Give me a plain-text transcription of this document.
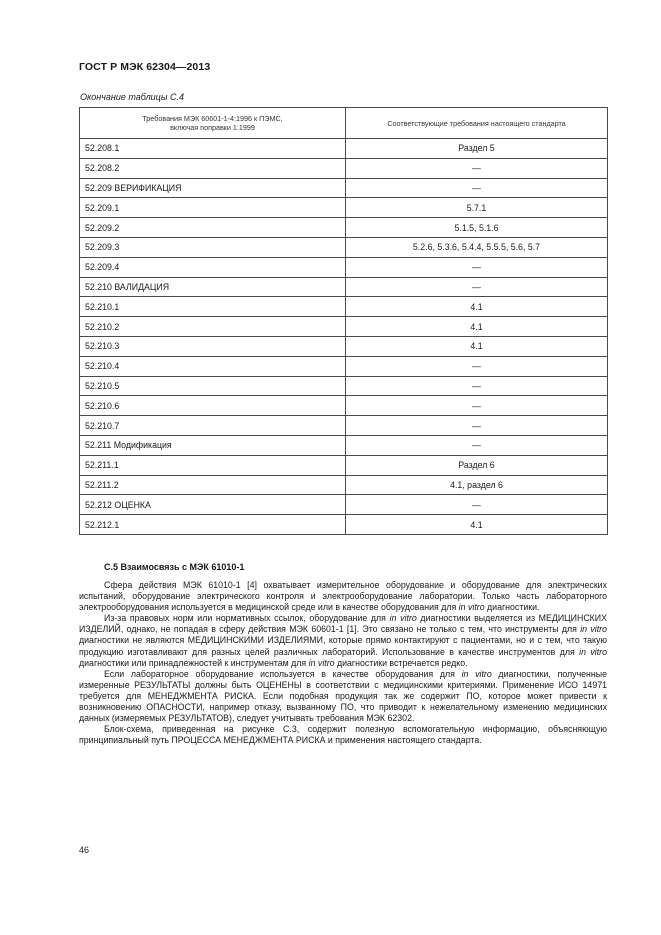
ГОСТ Р МЭК 62304—2013
Окончание таблицы С.4
Требования МЭК 60601-1-4:1996 к ПЭМС,
включая поправки 1:1999	Соответствующие требования настоящего стандарта
52.208.1	Раздел 5
52.208.2	—
52.209 ВЕРИФИКАЦИЯ	—
52.209.1	5.7.1
52.209.2	5.1.5, 5.1.6
52.209.3	5.2.6, 5.3.6, 5.4.4, 5.5.5, 5.6, 5.7
52.209.4	—
52.210 ВАЛИДАЦИЯ	—
52.210.1	4.1
52.210.2	4.1
52.210.3	4.1
52.210.4	—
52.210.5	—
52.210.6	—
52.210.7	—
52.211 Модификация	—
52.211.1	Раздел 6
52.211.2	4.1, раздел 6
52.212 ОЦЕНКА	—
52.212.1	4.1
С.5 Взаимосвязь с МЭК 61010-1

Сфера действия МЭК 61010-1 [4] охватывает измерительное оборудование и оборудование для электрических испытаний, оборудование электрического контроля и электрооборудование лаборатории. Только часть лабораторного электрооборудования используется в медицинской среде или в качестве оборудования для in vitro диагностики.

Из-за правовых норм или нормативных ссылок, оборудование для in vitro диагностики выделяется из МЕДИЦИНСКИХ ИЗДЕЛИЙ, однако, не попадая в сферу действия МЭК 60601-1 [1]. Это связано не только с тем, что инструменты для in vitro диагностики не являются МЕДИЦИНСКИМИ ИЗДЕЛИЯМИ, которые прямо контактируют с пациентами, но и с тем, что такую продукцию изготавливают для разных целей различных лабораторий. Использование в качестве инструментов для in vitro диагностики или принадлежностей к инструментам для in vitro диагностики встречается редко.

Если лабораторное оборудование используется в качестве оборудования для in vitro диагностики, полученные измеренные РЕЗУЛЬТАТЫ должны быть ОЦЕНЕНЫ в соответствии с медицинскими критериями. Применение ИСО 14971 требуется для МЕНЕДЖМЕНТА РИСКА. Если подобная продукция так же содержит ПО, которое может привести к возникновению ОПАСНОСТИ, например отказу, вызванному ПО, что приводит к нежелательному изменению медицинских данных (измеряемых РЕЗУЛЬТАТОВ), следует учитывать требования МЭК 62302.

Блок-схема, приведенная на рисунке С.3, содержит полезную вспомогательную информацию, объясняющую принципиальный путь ПРОЦЕССА МЕНЕДЖМЕНТА РИСКА и применения настоящего стандарта.

46
